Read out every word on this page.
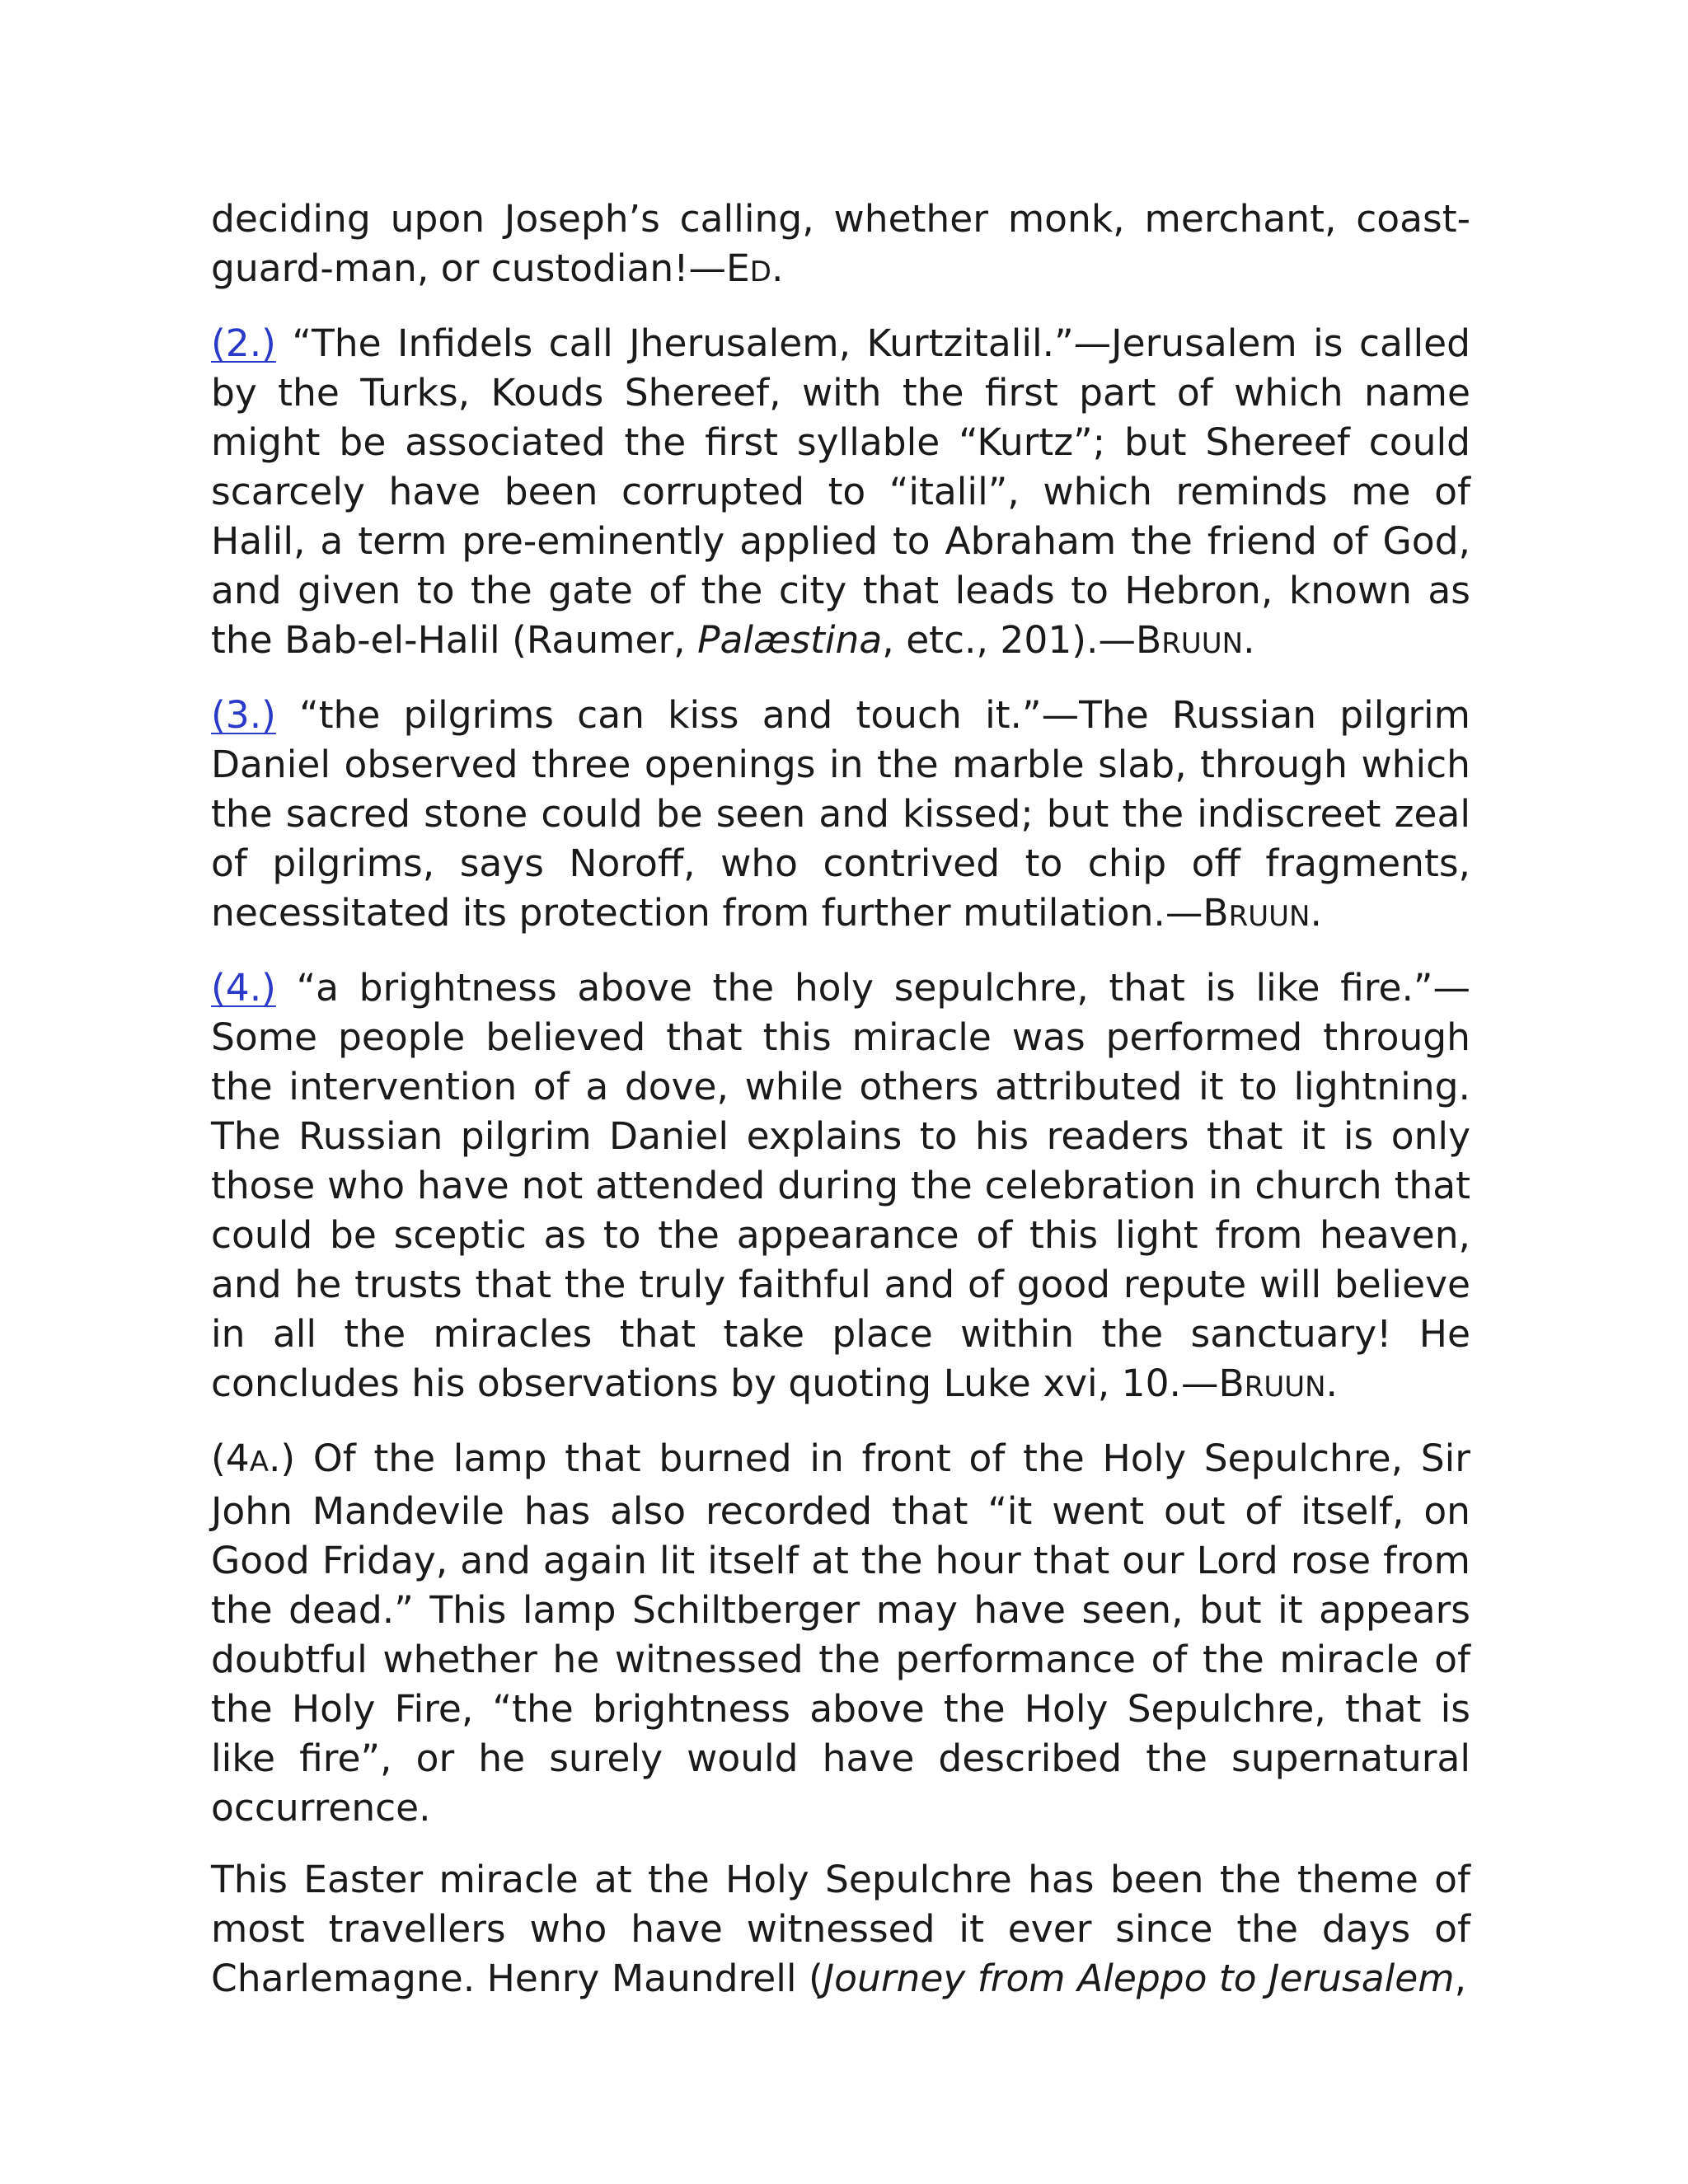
deciding upon Joseph’s calling, whether monk, merchant, coast-guard-man, or custodian!—ED.

(2.) “The Infidels call Jherusalem, Kurtzitalil.”—Jerusalem is called by the Turks, Kouds Shereef, with the first part of which name might be associated the first syllable “Kurtz”; but Shereef could scarcely have been corrupted to “italil”, which reminds me of Halil, a term pre-eminently applied to Abraham the friend of God, and given to the gate of the city that leads to Hebron, known as the Bab-el-Halil (Raumer, Palæstina, etc., 201).—BRUUN.

(3.) “the pilgrims can kiss and touch it.”—The Russian pilgrim Daniel observed three openings in the marble slab, through which the sacred stone could be seen and kissed; but the indiscreet zeal of pilgrims, says Noroff, who contrived to chip off fragments, necessitated its protection from further mutilation.—BRUUN.

(4.) “a brightness above the holy sepulchre, that is like fire.”—Some people believed that this miracle was performed through the intervention of a dove, while others attributed it to lightning. The Russian pilgrim Daniel explains to his readers that it is only those who have not attended during the celebration in church that could be sceptic as to the appearance of this light from heaven, and he trusts that the truly faithful and of good repute will believe in all the miracles that take place within the sanctuary! He concludes his observations by quoting Luke xvi, 10.—BRUUN.

(4A.) Of the lamp that burned in front of the Holy Sepulchre, Sir John Mandevile has also recorded that “it went out of itself, on Good Friday, and again lit itself at the hour that our Lord rose from the dead.” This lamp Schiltberger may have seen, but it appears doubtful whether he witnessed the performance of the miracle of the Holy Fire, “the brightness above the Holy Sepulchre, that is like fire”, or he surely would have described the supernatural occurrence.

This Easter miracle at the Holy Sepulchre has been the theme of most travellers who have witnessed it ever since the days of Charlemagne. Henry Maundrell (Journey from Aleppo to Jerusalem,
